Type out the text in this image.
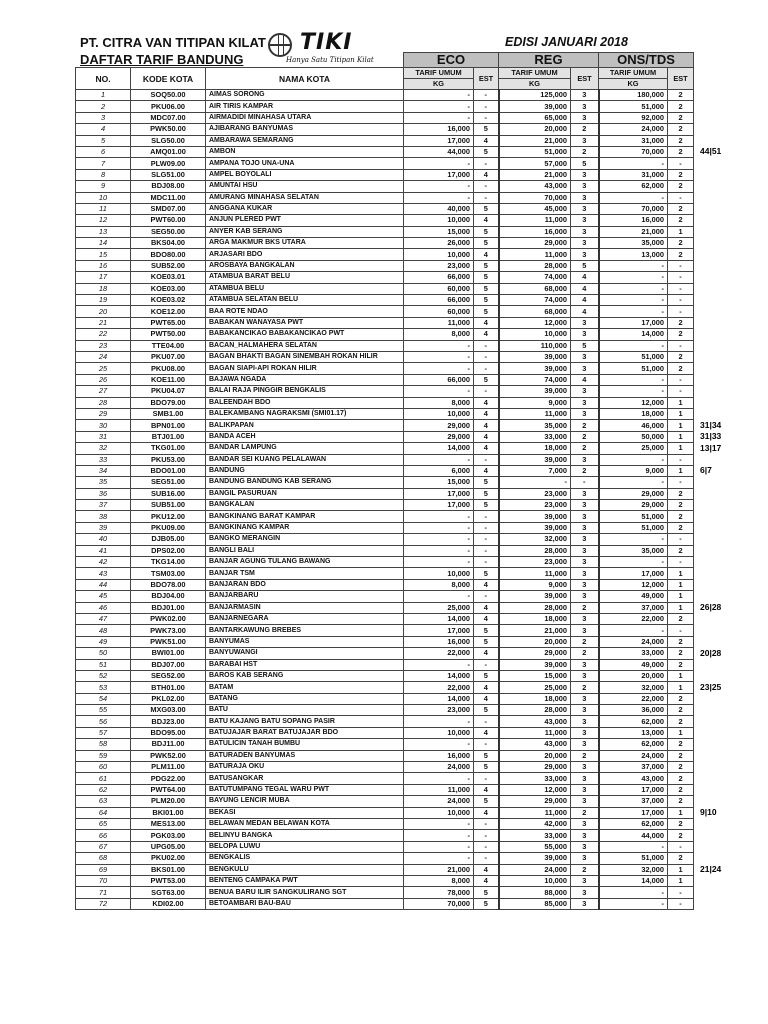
PT. CITRA VAN TITIPAN KILAT
DAFTAR TARIF BANDUNG
TIKI
Hanya Satu Titipan Kilat
EDISI JANUARI 2018
			ECO		REG		ONS/TDS	
NO.	KODE KOTA	NAMA KOTA	TARIF UMUM	EST	TARIF UMUM	EST	TARIF UMUM	EST
			KG		KG		KG	
1	SOQ50.00	AIMAS SORONG	-	-	125,000	3	180,000	2
2	PKU06.00	AIR TIRIS KAMPAR	-	-	39,000	3	51,000	2
3	MDC07.00	AIRMADIDI MINAHASA UTARA	-	-	65,000	3	92,000	2
4	PWK50.00	AJIBARANG BANYUMAS	16,000	5	20,000	2	24,000	2
5	SLG50.00	AMBARAWA SEMARANG	17,000	4	21,000	3	31,000	2
6	AMQ01.00	AMBON	44,000	5	51,000	2	70,000	2
7	PLW09.00	AMPANA TOJO UNA-UNA	-	-	57,000	5	-	-
8	SLG51.00	AMPEL BOYOLALI	17,000	4	21,000	3	31,000	2
9	BDJ08.00	AMUNTAI HSU	-	-	43,000	3	62,000	2
10	MDC11.00	AMURANG MINAHASA SELATAN	-	-	70,000	3	-	-
11	SMD07.00	ANGGANA KUKAR	40,000	5	45,000	3	70,000	2
12	PWT60.00	ANJUN PLERED PWT	10,000	4	11,000	3	16,000	2
13	SEG50.00	ANYER KAB SERANG	15,000	5	16,000	3	21,000	1
14	BKS04.00	ARGA MAKMUR BKS UTARA	26,000	5	29,000	3	35,000	2
15	BDO80.00	ARJASARI BDO	10,000	4	11,000	3	13,000	2
16	SUB52.00	AROSBAYA BANGKALAN	23,000	5	28,000	5	-	-
17	KOE03.01	ATAMBUA BARAT BELU	66,000	5	74,000	4	-	-
18	KOE03.00	ATAMBUA BELU	60,000	5	68,000	4	-	-
19	KOE03.02	ATAMBUA SELATAN BELU	66,000	5	74,000	4	-	-
20	KOE12.00	BAA ROTE NDAO	60,000	5	68,000	4	-	-
21	PWT65.00	BABAKAN WANAYASA PWT	11,000	4	12,000	3	17,000	2
22	PWT50.00	BABAKANCIKAO BABAKANCIKAO PWT	8,000	4	10,000	3	14,000	2
23	TTE04.00	BACAN_HALMAHERA SELATAN	-	-	110,000	5	-	-
24	PKU07.00	BAGAN BHAKTI BAGAN SINEMBAH ROKAN HILIR	-	-	39,000	3	51,000	2
25	PKU08.00	BAGAN SIAPI-API ROKAN HILIR	-	-	39,000	3	51,000	2
26	KOE11.00	BAJAWA NGADA	66,000	5	74,000	4	-	-
27	PKU04.07	BALAI RAJA PINGGIR BENGKALIS	-	-	39,000	3	-	-
28	BDO79.00	BALEENDAH BDO	8,000	4	9,000	3	12,000	1
29	SMB1.00	BALEKAMBANG NAGRAKSMI (SMI01.17)	10,000	4	11,000	3	18,000	1
30	BPN01.00	BALIKPAPAN	29,000	4	35,000	2	46,000	1
31	BTJ01.00	BANDA ACEH	29,000	4	33,000	2	50,000	1
32	TKG01.00	BANDAR LAMPUNG	14,000	4	18,000	2	25,000	1
33	PKU53.00	BANDAR SEI KUANG PELALAWAN	-	-	39,000	3	-	-
34	BDO01.00	BANDUNG	6,000	4	7,000	2	9,000	1
35	SEG51.00	BANDUNG BANDUNG KAB SERANG	15,000	5	-	-	-	-
36	SUB16.00	BANGIL PASURUAN	17,000	5	23,000	3	29,000	2
37	SUB51.00	BANGKALAN	17,000	5	23,000	3	29,000	2
38	PKU12.00	BANGKINANG BARAT KAMPAR	-	-	39,000	3	51,000	2
39	PKU09.00	BANGKINANG KAMPAR	-	-	39,000	3	51,000	2
40	DJB05.00	BANGKO MERANGIN	-	-	32,000	3	-	-
41	DPS02.00	BANGLI BALI	-	-	28,000	3	35,000	2
42	TKG14.00	BANJAR AGUNG TULANG BAWANG	-	-	23,000	3	-	-
43	TSM03.00	BANJAR TSM	10,000	5	11,000	3	17,000	1
44	BDO78.00	BANJARAN BDO	8,000	4	9,000	3	12,000	1
45	BDJ04.00	BANJARBARU	-	-	39,000	3	49,000	1
46	BDJ01.00	BANJARMASIN	25,000	4	28,000	2	37,000	1
47	PWK02.00	BANJARNEGARA	14,000	4	18,000	3	22,000	2
48	PWK73.00	BANTARKAWUNG BREBES	17,000	5	21,000	3	-	-
49	PWK51.00	BANYUMAS	16,000	5	20,000	2	24,000	2
50	BWI01.00	BANYUWANGI	22,000	4	29,000	2	33,000	2
51	BDJ07.00	BARABAI HST	-	-	39,000	3	49,000	2
52	SEG52.00	BAROS KAB SERANG	14,000	5	15,000	3	20,000	1
53	BTH01.00	BATAM	22,000	4	25,000	2	32,000	1
54	PKL02.00	BATANG	14,000	4	18,000	3	22,000	2
55	MXG03.00	BATU	23,000	5	28,000	3	36,000	2
56	BDJ23.00	BATU KAJANG BATU SOPANG PASIR	-	-	43,000	3	62,000	2
57	BDO95.00	BATUJAJAR BARAT BATUJAJAR BDO	10,000	4	11,000	3	13,000	1
58	BDJ11.00	BATULICIN TANAH BUMBU	-	-	43,000	3	62,000	2
59	PWK52.00	BATURADEN BANYUMAS	16,000	5	20,000	2	24,000	2
60	PLM11.00	BATURAJA OKU	24,000	5	29,000	3	37,000	2
61	PDG22.00	BATUSANGKAR	-	-	33,000	3	43,000	2
62	PWT64.00	BATUTUMPANG TEGAL WARU PWT	11,000	4	12,000	3	17,000	2
63	PLM20.00	BAYUNG LENCIR MUBA	24,000	5	29,000	3	37,000	2
64	BKI01.00	BEKASI	10,000	4	11,000	2	17,000	1
65	MES13.00	BELAWAN MEDAN BELAWAN KOTA	-	-	42,000	3	62,000	2
66	PGK03.00	BELINYU BANGKA	-	-	33,000	3	44,000	2
67	UPG05.00	BELOPA LUWU	-	-	55,000	3	-	-
68	PKU02.00	BENGKALIS	-	-	39,000	3	51,000	2
69	BKS01.00	BENGKULU	21,000	4	24,000	2	32,000	1
70	PWT53.00	BENTENG CAMPAKA PWT	8,000	4	10,000	3	14,000	1
71	SGT63.00	BENUA BARU ILIR SANGKULIRANG SGT	78,000	5	88,000	3	-	-
72	KDI02.00	BETOAMBARI BAU-BAU	70,000	5	85,000	3	-	-
44|51
31|34
31|33
13|17
6|7
26|28
20|28
23|25
9|10
21|24
